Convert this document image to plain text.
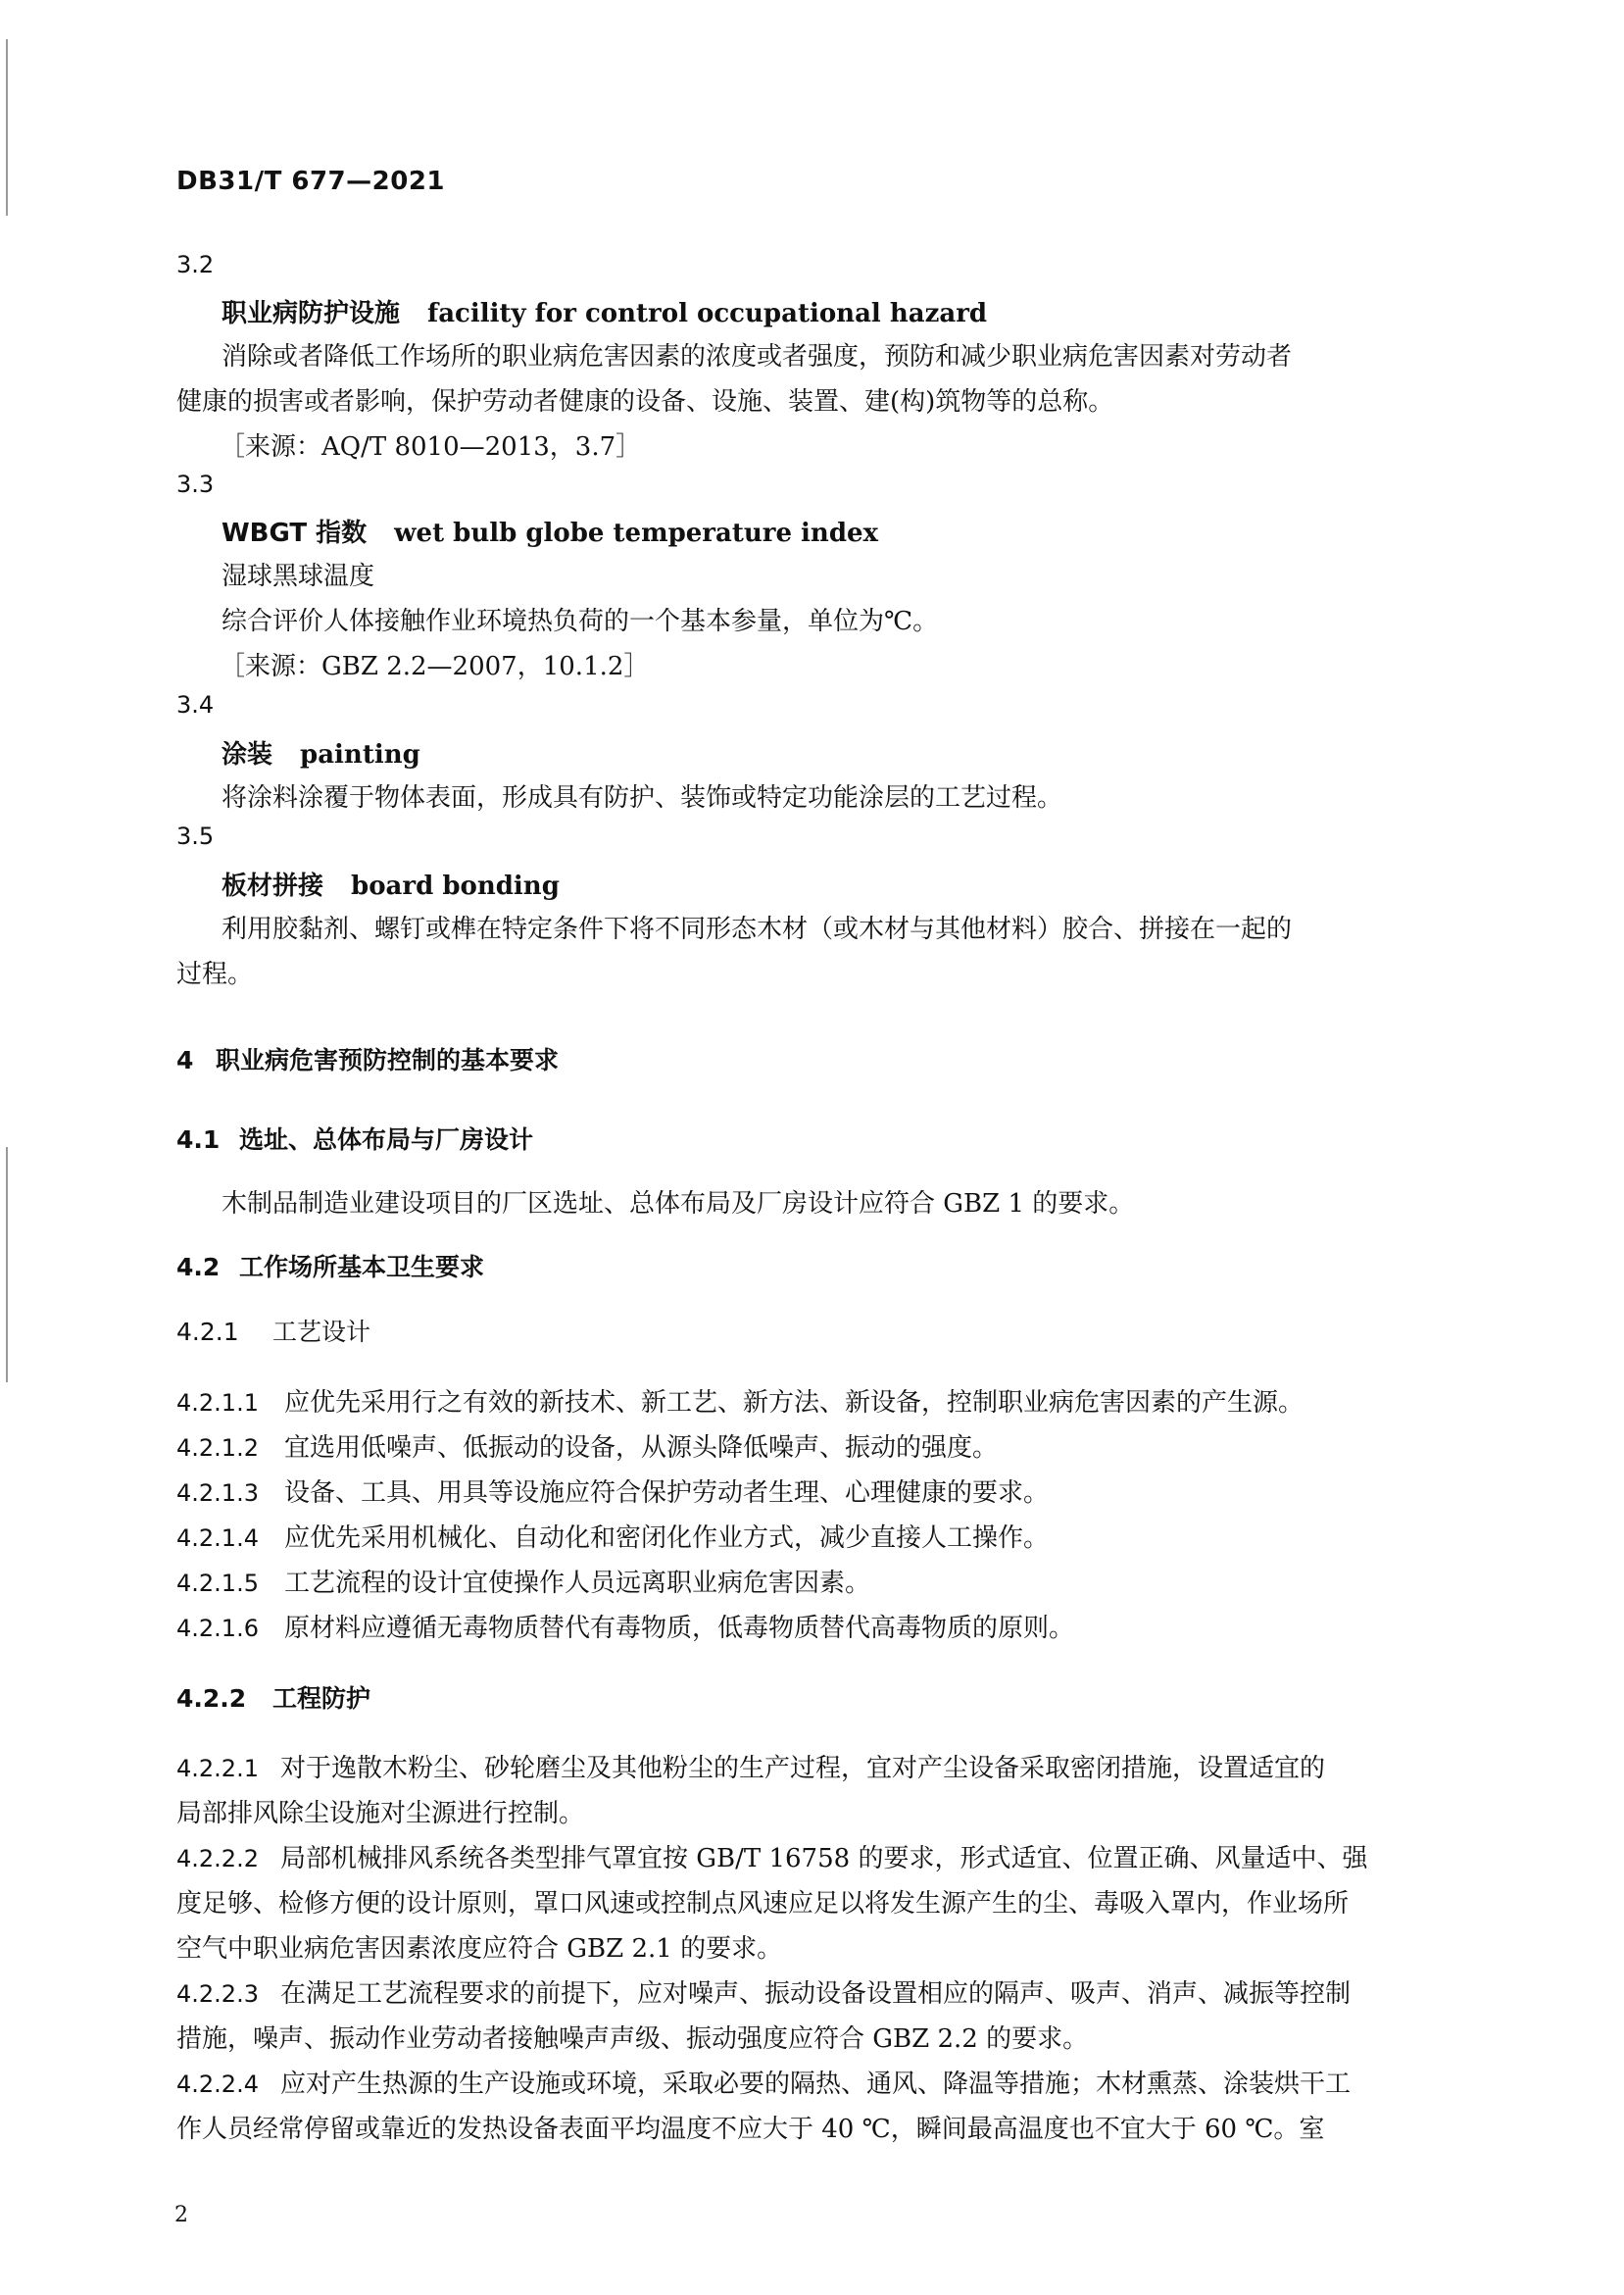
DB31/T 677—2021
3.2
职业病防护设施 facility for control occupational hazard
消除或者降低工作场所的职业病危害因素的浓度或者强度，预防和减少职业病危害因素对劳动者
健康的损害或者影响，保护劳动者健康的设备、设施、装置、建(构)筑物等的总称。
［来源：AQ/T 8010—2013，3.7］
3.3
WBGT 指数 wet bulb globe temperature index
湿球黑球温度
综合评价人体接触作业环境热负荷的一个基本参量，单位为℃。
［来源：GBZ 2.2—2007，10.1.2］
3.4
涂装 painting
将涂料涂覆于物体表面，形成具有防护、装饰或特定功能涂层的工艺过程。
3.5
板材拼接 board bonding
利用胶黏剂、螺钉或榫在特定条件下将不同形态木材（或木材与其他材料）胶合、拼接在一起的
过程。
4 职业病危害预防控制的基本要求
4.1 选址、总体布局与厂房设计
木制品制造业建设项目的厂区选址、总体布局及厂房设计应符合 GBZ 1 的要求。
4.2 工作场所基本卫生要求
4.2.1 工艺设计
4.2.1.1 应优先采用行之有效的新技术、新工艺、新方法、新设备，控制职业病危害因素的产生源。
4.2.1.2 宜选用低噪声、低振动的设备，从源头降低噪声、振动的强度。
4.2.1.3 设备、工具、用具等设施应符合保护劳动者生理、心理健康的要求。
4.2.1.4 应优先采用机械化、自动化和密闭化作业方式，减少直接人工操作。
4.2.1.5 工艺流程的设计宜使操作人员远离职业病危害因素。
4.2.1.6 原材料应遵循无毒物质替代有毒物质，低毒物质替代高毒物质的原则。
4.2.2 工程防护
4.2.2.1 对于逸散木粉尘、砂轮磨尘及其他粉尘的生产过程，宜对产尘设备采取密闭措施，设置适宜的
局部排风除尘设施对尘源进行控制。
4.2.2.2 局部机械排风系统各类型排气罩宜按 GB/T 16758 的要求，形式适宜、位置正确、风量适中、强
度足够、检修方便的设计原则，罩口风速或控制点风速应足以将发生源产生的尘、毒吸入罩内，作业场所
空气中职业病危害因素浓度应符合 GBZ 2.1 的要求。
4.2.2.3 在满足工艺流程要求的前提下，应对噪声、振动设备设置相应的隔声、吸声、消声、减振等控制
措施，噪声、振动作业劳动者接触噪声声级、振动强度应符合 GBZ 2.2 的要求。
4.2.2.4 应对产生热源的生产设施或环境，采取必要的隔热、通风、降温等措施；木材熏蒸、涂装烘干工
作人员经常停留或靠近的发热设备表面平均温度不应大于 40 ℃，瞬间最高温度也不宜大于 60 ℃。室
2
